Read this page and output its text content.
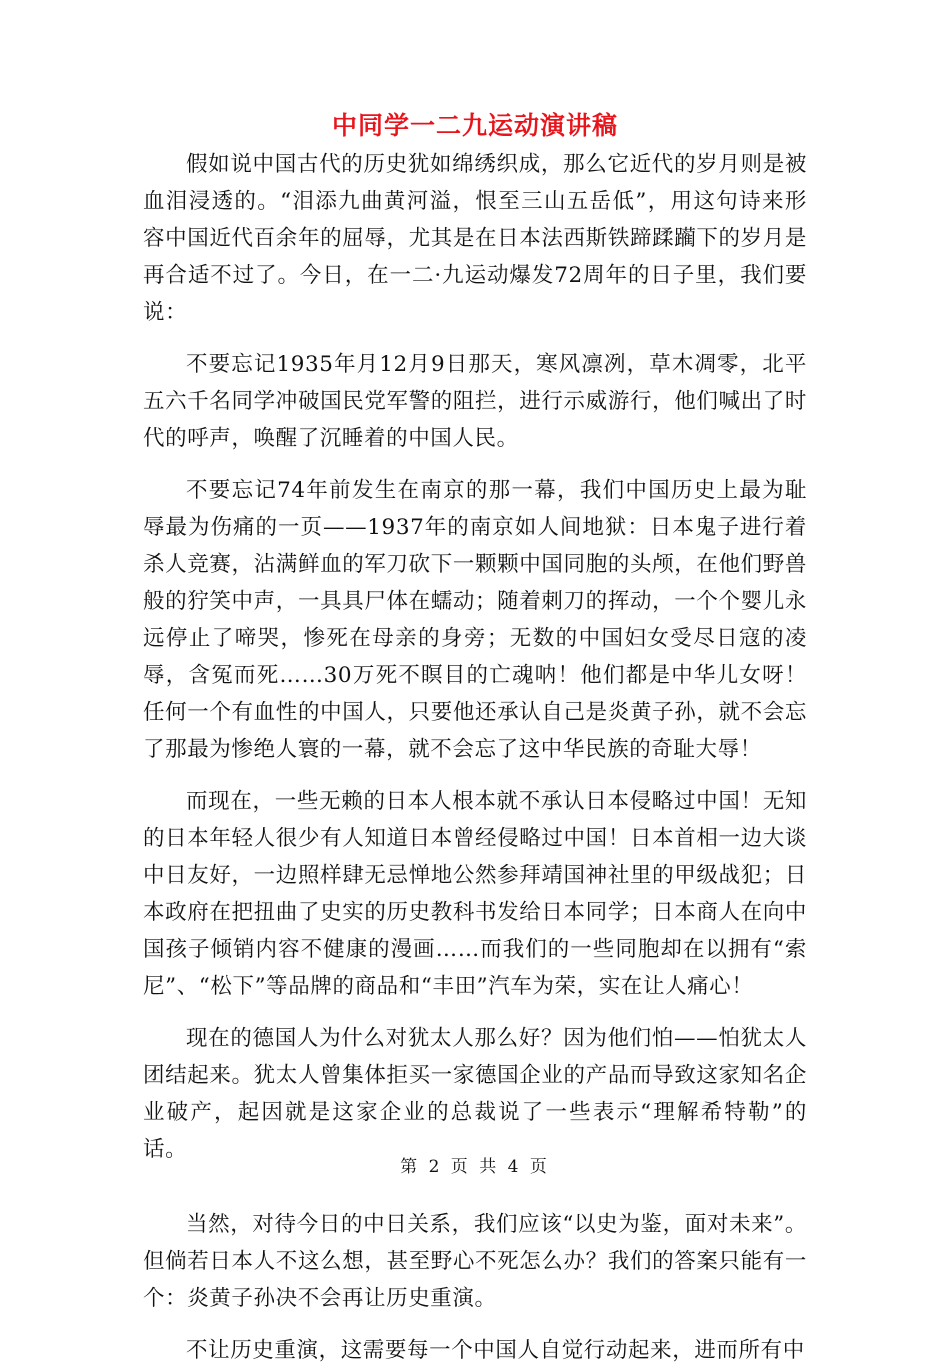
中同学一二九运动演讲稿

假如说中国古代的历史犹如绵绣织成，那么它近代的岁月则是被血泪浸透的。“泪添九曲黄河溢，恨至三山五岳低”，用这句诗来形容中国近代百余年的屈辱，尤其是在日本法西斯铁蹄蹂躏下的岁月是再合适不过了。今日，在一二·九运动爆发72周年的日子里，我们要说：

不要忘记1935年月12月9日那天，寒风凛冽，草木凋零，北平五六千名同学冲破国民党军警的阻拦，进行示威游行，他们喊出了时代的呼声，唤醒了沉睡着的中国人民。

不要忘记74年前发生在南京的那一幕，我们中国历史上最为耻辱最为伤痛的一页——1937年的南京如人间地狱：日本鬼子进行着杀人竞赛，沾满鲜血的军刀砍下一颗颗中国同胞的头颅，在他们野兽般的狞笑中声，一具具尸体在蠕动；随着刺刀的挥动，一个个婴儿永远停止了啼哭，惨死在母亲的身旁；无数的中国妇女受尽日寇的凌辱，含冤而死……30万死不瞑目的亡魂呐！他们都是中华儿女呀！任何一个有血性的中国人，只要他还承认自己是炎黄子孙，就不会忘了那最为惨绝人寰的一幕，就不会忘了这中华民族的奇耻大辱！

而现在，一些无赖的日本人根本就不承认日本侵略过中国！无知的日本年轻人很少有人知道日本曾经侵略过中国！日本首相一边大谈中日友好，一边照样肆无忌惮地公然参拜靖国神社里的甲级战犯；日本政府在把扭曲了史实的历史教科书发给日本同学；日本商人在向中国孩子倾销内容不健康的漫画……而我们的一些同胞却在以拥有“索尼”、“松下”等品牌的商品和“丰田”汽车为荣，实在让人痛心！

现在的德国人为什么对犹太人那么好？因为他们怕——怕犹太人团结起来。犹太人曾集体拒买一家德国企业的产品而导致这家知名企业破产，起因就是这家企业的总裁说了一些表示“理解希特勒”的话。

当然，对待今日的中日关系，我们应该“以史为鉴，面对未来”。但倘若日本人不这么想，甚至野心不死怎么办？我们的答案只能有一个：炎黄子孙决不会再让历史重演。

不让历史重演，这需要每一个中国人自觉行动起来，进而所有中

第 2 页 共 4 页
